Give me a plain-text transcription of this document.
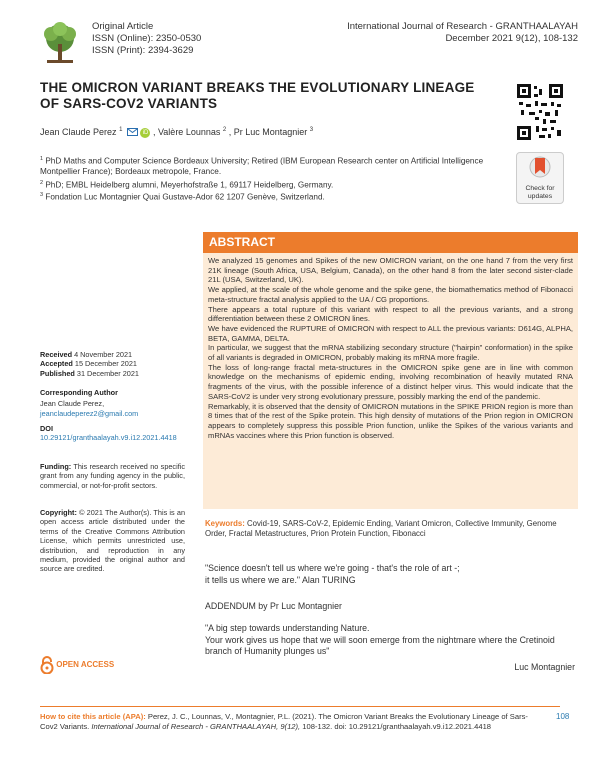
Original Article
ISSN (Online): 2350-0530
ISSN (Print): 2394-3629
International Journal of Research - GRANTHAALAYAH
December 2021 9(12), 108-132
THE OMICRON VARIANT BREAKS THE EVOLUTIONARY LINEAGE OF SARS-COV2 VARIANTS
Jean Claude Perez $^1$	iD , Valère Lounnas $^2$ , Pr Luc Montagnier $^3$
$^1$ PhD Maths and Computer Science Bordeaux University; Retired (IBM European Research center on Artificial Intelligence Montpellier France); Bordeaux metropole, France.
$^2$ PhD; EMBL Heidelberg alumni, Meyerhofstraße 1, 69117 Heidelberg, Germany.
$^3$ Fondation Luc Montagnier Quai Gustave-Ador 62 1207 Genève, Switzerland.
Check for updates
ABSTRACT

We analyzed 15 genomes and Spikes of the new OMICRON variant, on the one hand 7 from the very first 21K lineage (South Africa, USA, Belgium, Canada), on the other hand 8 from the later second sister-clade 21L (USA, Switzerland, UK).

We applied, at the scale of the whole genome and the spike gene, the biomathematics method of Fibonacci meta-structure fractal analysis applied to the UA / CG proportions.

There appears a total rupture of this variant with respect to all the previous variants, and a strong differentiation between these 2 OMICRON lines.

We have evidenced the RUPTURE of OMICRON with respect to ALL the previous variants: D614G, ALPHA, BETA, GAMMA, DELTA.

In particular, we suggest that the mRNA stabilizing secondary structure ("hairpin" conformation) in the spike of all variants is degraded in OMICRON, probably making its mRNA more fragile.

The loss of long-range fractal meta-structures in the OMICRON spike gene are in line with common knowledge on the mechanisms of epidemic ending, involving recombination of heavily mutated RNA fragments of the virus, with the possible inference of a distinct helper virus. This would indicate that the SARS-CoV2 is under very strong evolutionary pressure, possibly marking the end of the pandemic.

Remarkably, it is observed that the density of OMICRON mutations in the SPIKE PRION region is more than 8 times that of the rest of the Spike protein. This high density of mutations of the Prion region in OMICRON appears to completely suppress this possible Prion function, unlike the Spikes of the various variants and mRNAs vaccines where this Prion function is observed.

Keywords: Covid-19, SARS-CoV-2, Epidemic Ending, Variant Omicron, Collective Immunity, Genome Order, Fractal Metastructures, Prion Protein Function, Fibonacci
Received 4 November 2021
Accepted 15 December 2021
Published 31 December 2021
Corresponding Author
Jean Claude Perez,
jeanclaudeperez2@gmail.com
DOI
10.29121/granthaalayah.v9.i12.2021.4418
Funding: This research received no specific grant from any funding agency in the public, commercial, or not-for-profit sectors.
Copyright: © 2021 The Author(s). This is an open access article distributed under the terms of the Creative Commons Attribution License, which permits unrestricted use, distribution, and reproduction in any medium, provided the original author and source are credited.
OPEN ACCESS
"Science doesn't tell us where we're going - that's the role of art -;
it tells us where we are." Alan TURING
ADDENDUM by Pr Luc Montagnier
"A big step towards understanding Nature.
Your work gives us hope that we will soon emerge from the nightmare where the Cretinoid branch of Humanity plunges us"
Luc Montagnier
How to cite this article (APA): Perez, J. C., Lounnas, V., Montagnier, P.L. (2021). The Omicron Variant Breaks the Evolutionary Lineage of Sars-Cov2 Variants. International Journal of Research - GRANTHAALAYAH, 9(12), 108-132. doi: 10.29121/granthaalayah.v9.i12.2021.4418
108
